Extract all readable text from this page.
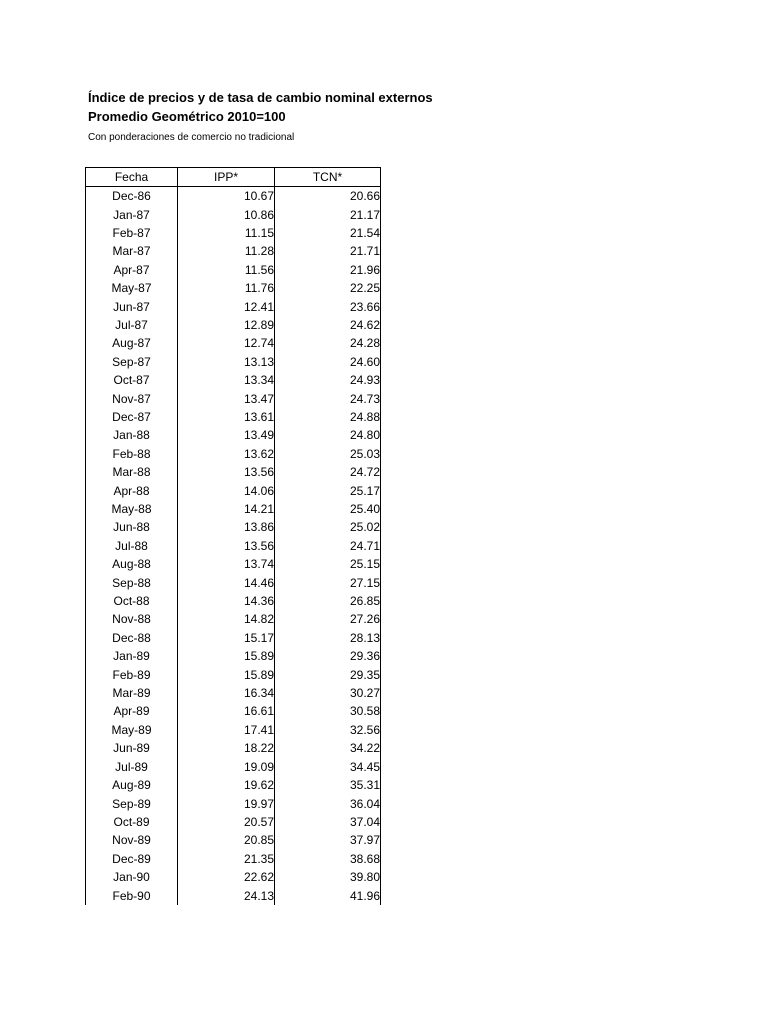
Índice de precios y de tasa de cambio nominal externos
Promedio Geométrico 2010=100
Con ponderaciones de comercio no tradicional
Fecha	IPP*	TCN*
Dec-86	10.67	20.66
Jan-87	10.86	21.17
Feb-87	11.15	21.54
Mar-87	11.28	21.71
Apr-87	11.56	21.96
May-87	11.76	22.25
Jun-87	12.41	23.66
Jul-87	12.89	24.62
Aug-87	12.74	24.28
Sep-87	13.13	24.60
Oct-87	13.34	24.93
Nov-87	13.47	24.73
Dec-87	13.61	24.88
Jan-88	13.49	24.80
Feb-88	13.62	25.03
Mar-88	13.56	24.72
Apr-88	14.06	25.17
May-88	14.21	25.40
Jun-88	13.86	25.02
Jul-88	13.56	24.71
Aug-88	13.74	25.15
Sep-88	14.46	27.15
Oct-88	14.36	26.85
Nov-88	14.82	27.26
Dec-88	15.17	28.13
Jan-89	15.89	29.36
Feb-89	15.89	29.35
Mar-89	16.34	30.27
Apr-89	16.61	30.58
May-89	17.41	32.56
Jun-89	18.22	34.22
Jul-89	19.09	34.45
Aug-89	19.62	35.31
Sep-89	19.97	36.04
Oct-89	20.57	37.04
Nov-89	20.85	37.97
Dec-89	21.35	38.68
Jan-90	22.62	39.80
Feb-90	24.13	41.96
